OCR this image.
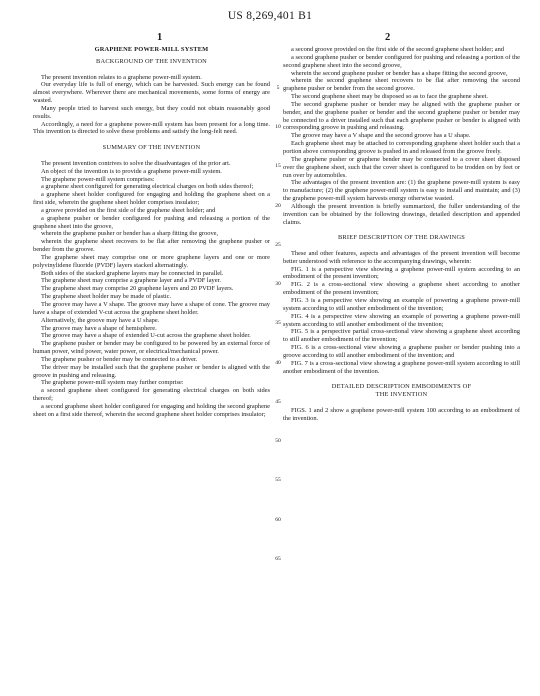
US 8,269,401 B1
1	2
GRAPHENE POWER-MILL SYSTEM
BACKGROUND OF THE INVENTION

The present invention relates to a graphene power-mill system.

Our everyday life is full of energy, which can be harvested. Such energy can be found almost everywhere. Wherever there are mechanical movements, some forms of energy are wasted.

Many people tried to harvest such energy, but they could not obtain reasonably good results.

Accordingly, a need for a graphene power-mill system has been present for a long time. This invention is directed to solve these problems and satisfy the long-felt need.

SUMMARY OF THE INVENTION

The present invention contrives to solve the disadvantages of the prior art.

An object of the invention is to provide a graphene power-mill system.

The graphene power-mill system comprises:

a graphene sheet configured for generating electrical charges on both sides thereof;

a graphene sheet holder configured for engaging and holding the graphene sheet on a first side, wherein the graphene sheet holder comprises insulator;

a groove provided on the first side of the graphene sheet holder; and

a graphene pusher or bender configured for pushing and releasing a portion of the graphene sheet into the groove,

wherein the graphene pusher or bender has a sharp fitting the groove,

wherein the graphene sheet recovers to be flat after removing the graphene pusher or bender from the groove.

The graphene sheet may comprise one or more graphene layers and one or more polyvinylidene fluoride (PVDF) layers stacked alternatingly.

Both sides of the stacked graphene layers may be connected in parallel.

The graphene sheet may comprise a graphene layer and a PVDF layer.

The graphene sheet may comprise 20 graphene layers and 20 PVDF layers.

The graphene sheet holder may be made of plastic.

The groove may have a V shape. The groove may have a shape of cone. The groove may have a shape of extended V-cut across the graphene sheet holder.

Alternatively, the groove may have a U shape.

The groove may have a shape of hemisphere.

The groove may have a shape of extended U-cut across the graphene sheet holder.

The graphene pusher or bender may be configured to be powered by an external force of human power, wind power, water power, or electrical/mechanical power.

The graphene pusher or bender may be connected to a driver.

The driver may be installed such that the graphene pusher or bender is aligned with the groove in pushing and releasing.

The graphene power-mill system may further comprise:

a second graphene sheet configured for generating electrical charges on both sides thereof;

a second graphene sheet holder configured for engaging and holding the second graphene sheet on a first side thereof, wherein the second graphene sheet holder comprises insulator;

5
10
15
20
25
30
35
40
45
50
55
60
65

a second groove provided on the first side of the second graphene sheet holder; and

a second graphene pusher or bender configured for pushing and releasing a portion of the second graphene sheet into the second groove,

wherein the second graphene pusher or bender has a shape fitting the second groove,

wherein the second graphene sheet recovers to be flat after removing the second graphene pusher or bender from the second groove.

The second graphene sheet may be disposed so as to face the graphene sheet.

The second graphene pusher or bender may be aligned with the graphene pusher or bender, and the graphene pusher or bender and the second graphene pusher or bender may be connected to a driver installed such that each graphene pusher or bender is aligned with corresponding groove in pushing and releasing.

The groove may have a V shape and the second groove has a U shape.

Each graphene sheet may be attached to corresponding graphene sheet holder such that a portion above corresponding groove is pushed in and released from the groove freely.

The graphene pusher or graphene bender may be connected to a cover sheet disposed over the graphene sheet, such that the cover sheet is configured to be trodden on by feet or run over by automobiles.

The advantages of the present invention are: (1) the graphene power-mill system is easy to manufacture; (2) the graphene power-mill system is easy to install and maintain; and (3) the graphene power-mill system harvests energy otherwise wasted.

Although the present invention is briefly summarized, the fuller understanding of the invention can be obtained by the following drawings, detailed description and appended claims.

BRIEF DESCRIPTION OF THE DRAWINGS

These and other features, aspects and advantages of the present invention will become better understood with reference to the accompanying drawings, wherein:

FIG. 1 is a perspective view showing a graphene power-mill system according to an embodiment of the present invention;

FIG. 2 is a cross-sectional view showing a graphene sheet according to another embodiment of the present invention;

FIG. 3 is a perspective view showing an example of powering a graphene power-mill system according to still another embodiment of the invention;

FIG. 4 is a perspective view showing an example of powering a graphene power-mill system according to still another embodiment of the invention;

FIG. 5 is a perspective partial cross-sectional view showing a graphene sheet according to still another embodiment of the invention;

FIG. 6 is a cross-sectional view showing a graphene pusher or bender pushing into a groove according to still another embodiment of the invention; and

FIG. 7 is a cross-sectional view showing a graphene power-mill system according to still another embodiment of the invention.

DETAILED DESCRIPTION EMBODIMENTS OF
THE INVENTION

FIGS. 1 and 2 show a graphene power-mill system 100 according to an embodiment of the invention.
